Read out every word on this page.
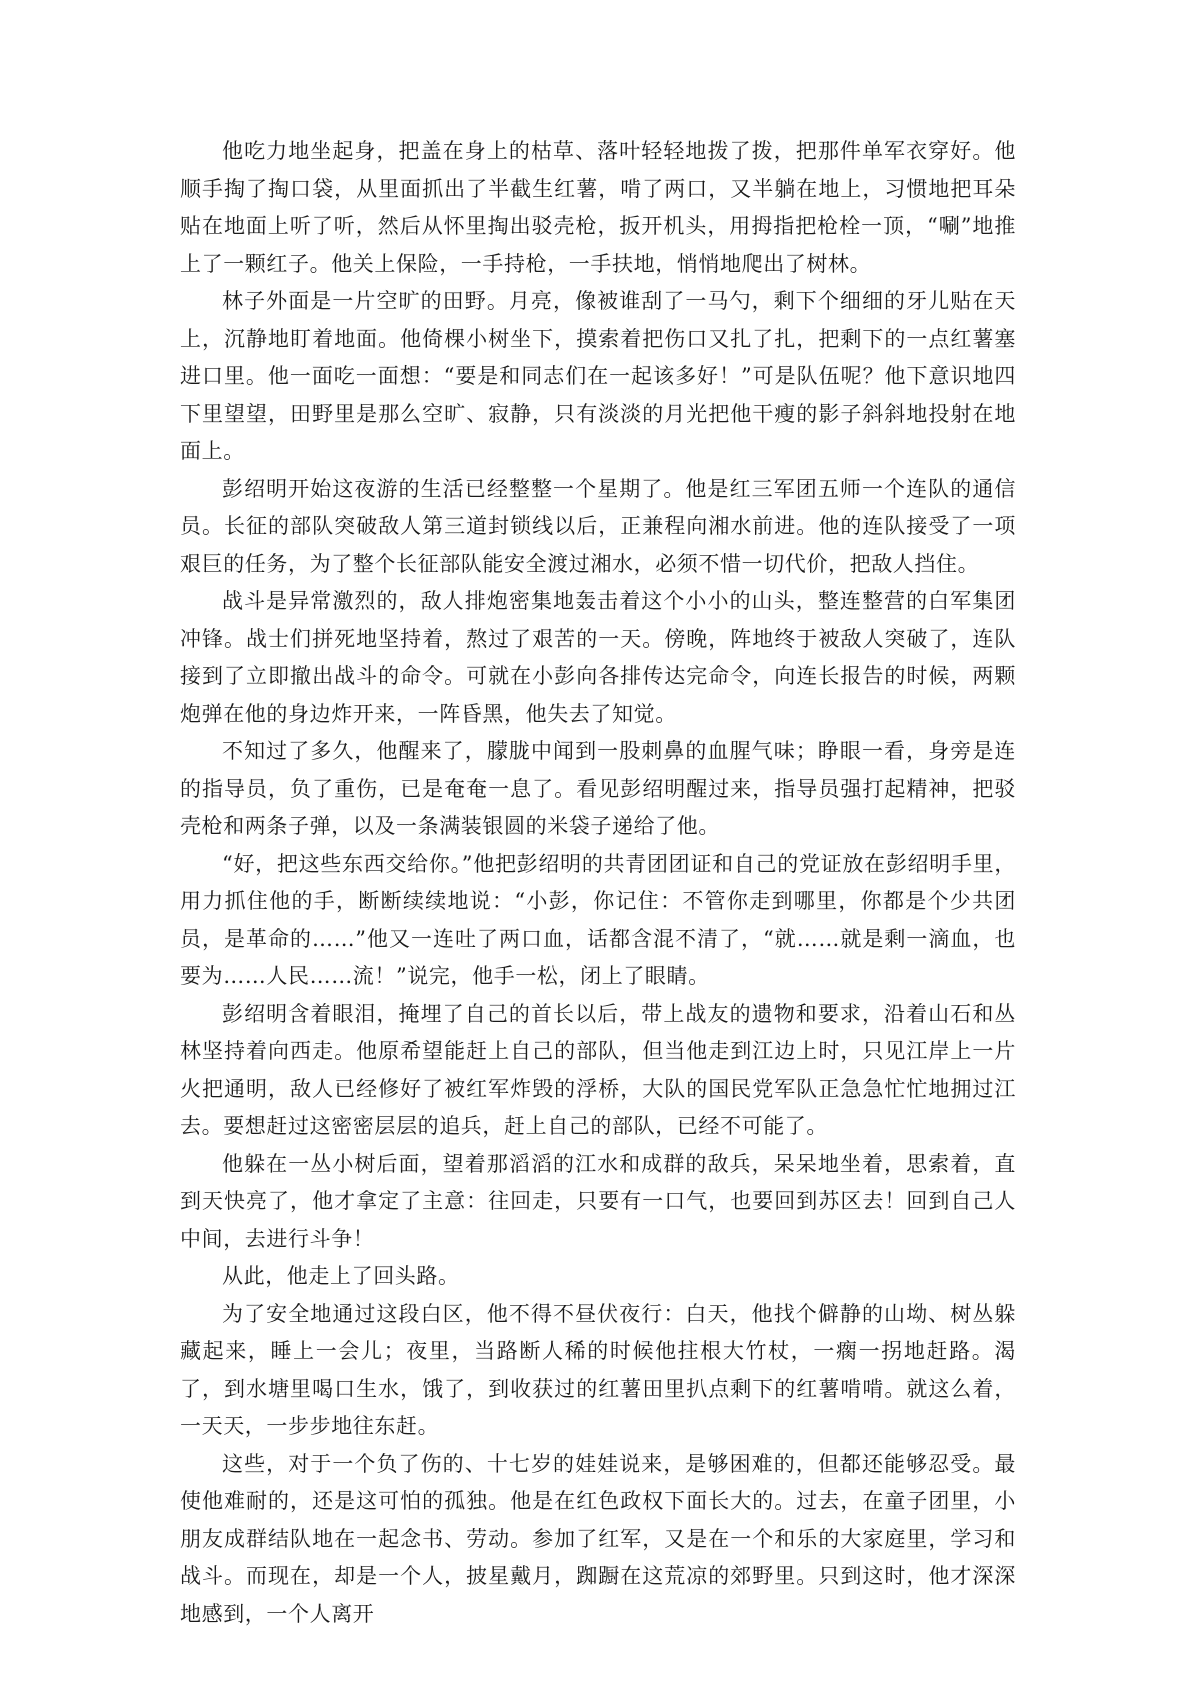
他吃力地坐起身，把盖在身上的枯草、落叶轻轻地拨了拨，把那件单军衣穿好。他顺手掏了掏口袋，从里面抓出了半截生红薯，啃了两口，又半躺在地上，习惯地把耳朵贴在地面上听了听，然后从怀里掏出驳壳枪，扳开机头，用拇指把枪栓一顶，“唰”地推上了一颗红子。他关上保险，一手持枪，一手扶地，悄悄地爬出了树林。

林子外面是一片空旷的田野。月亮，像被谁刮了一马勺，剩下个细细的牙儿贴在天上，沉静地盯着地面。他倚棵小树坐下，摸索着把伤口又扎了扎，把剩下的一点红薯塞进口里。他一面吃一面想：“要是和同志们在一起该多好！”可是队伍呢？他下意识地四下里望望，田野里是那么空旷、寂静，只有淡淡的月光把他干瘦的影子斜斜地投射在地面上。

彭绍明开始这夜游的生活已经整整一个星期了。他是红三军团五师一个连队的通信员。长征的部队突破敌人第三道封锁线以后，正兼程向湘水前进。他的连队接受了一项艰巨的任务，为了整个长征部队能安全渡过湘水，必须不惜一切代价，把敌人挡住。

战斗是异常激烈的，敌人排炮密集地轰击着这个小小的山头，整连整营的白军集团冲锋。战士们拼死地坚持着，熬过了艰苦的一天。傍晚，阵地终于被敌人突破了，连队接到了立即撤出战斗的命令。可就在小彭向各排传达完命令，向连长报告的时候，两颗炮弹在他的身边炸开来，一阵昏黑，他失去了知觉。

不知过了多久，他醒来了，朦胧中闻到一股刺鼻的血腥气味；睁眼一看，身旁是连的指导员，负了重伤，已是奄奄一息了。看见彭绍明醒过来，指导员强打起精神，把驳壳枪和两条子弹，以及一条满装银圆的米袋子递给了他。

“好，把这些东西交给你。”他把彭绍明的共青团团证和自己的党证放在彭绍明手里，用力抓住他的手，断断续续地说：“小彭，你记住：不管你走到哪里，你都是个少共团员，是革命的……”他又一连吐了两口血，话都含混不清了，“就……就是剩一滴血，也要为……人民……流！”说完，他手一松，闭上了眼睛。

彭绍明含着眼泪，掩埋了自己的首长以后，带上战友的遗物和要求，沿着山石和丛林坚持着向西走。他原希望能赶上自己的部队，但当他走到江边上时，只见江岸上一片火把通明，敌人已经修好了被红军炸毁的浮桥，大队的国民党军队正急急忙忙地拥过江去。要想赶过这密密层层的追兵，赶上自己的部队，已经不可能了。

他躲在一丛小树后面，望着那滔滔的江水和成群的敌兵，呆呆地坐着，思索着，直到天快亮了，他才拿定了主意：往回走，只要有一口气，也要回到苏区去！回到自己人中间，去进行斗争！

从此，他走上了回头路。

为了安全地通过这段白区，他不得不昼伏夜行：白天，他找个僻静的山坳、树丛躲藏起来，睡上一会儿；夜里，当路断人稀的时候他拄根大竹杖，一瘸一拐地赶路。渴了，到水塘里喝口生水，饿了，到收获过的红薯田里扒点剩下的红薯啃啃。就这么着，一天天，一步步地往东赶。

这些，对于一个负了伤的、十七岁的娃娃说来，是够困难的，但都还能够忍受。最使他难耐的，还是这可怕的孤独。他是在红色政权下面长大的。过去，在童子团里，小朋友成群结队地在一起念书、劳动。参加了红军，又是在一个和乐的大家庭里，学习和战斗。而现在，却是一个人，披星戴月，踟蹰在这荒凉的郊野里。只到这时，他才深深地感到，一个人离开
